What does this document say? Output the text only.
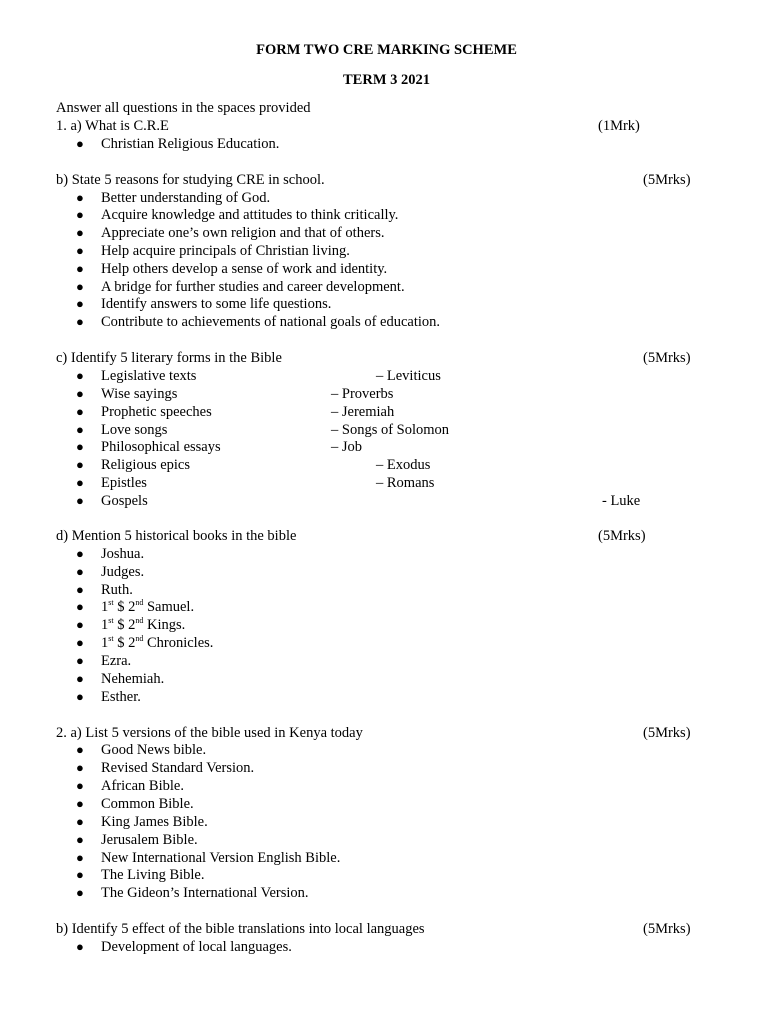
FORM TWO CRE MARKING SCHEME
TERM 3 2021
Answer all questions in the spaces provided
1. a) What is C.R.E	(1Mrk)
● Christian Religious Education.
b) State 5 reasons for studying CRE in school.	(5Mrks)
● Better understanding of God.
● Acquire knowledge and attitudes to think critically.
● Appreciate one’s own religion and that of others.
● Help acquire principals of Christian living.
● Help others develop a sense of work and identity.
● A bridge for further studies and career development.
● Identify answers to some life questions.
● Contribute to achievements of national goals of education.
c) Identify 5 literary forms in the Bible	(5Mrks)
● Legislative texts	– Leviticus
● Wise sayings	– Proverbs
● Prophetic speeches	– Jeremiah
● Love songs	– Songs of Solomon
● Philosophical essays	– Job
● Religious epics	– Exodus
● Epistles	– Romans
● Gospels	- Luke
d) Mention 5 historical books in the bible	(5Mrks)
● Joshua.
● Judges.
● Ruth.
● 1st $ 2nd Samuel.
● 1st $ 2nd Kings.
● 1st $ 2nd Chronicles.
● Ezra.
● Nehemiah.
● Esther.
2. a) List 5 versions of the bible used in Kenya today	(5Mrks)
● Good News bible.
● Revised Standard Version.
● African Bible.
● Common Bible.
● King James Bible.
● Jerusalem Bible.
● New International Version English Bible.
● The Living Bible.
● The Gideon’s International Version.
b) Identify 5 effect of the bible translations into local languages	(5Mrks)
● Development of local languages.
